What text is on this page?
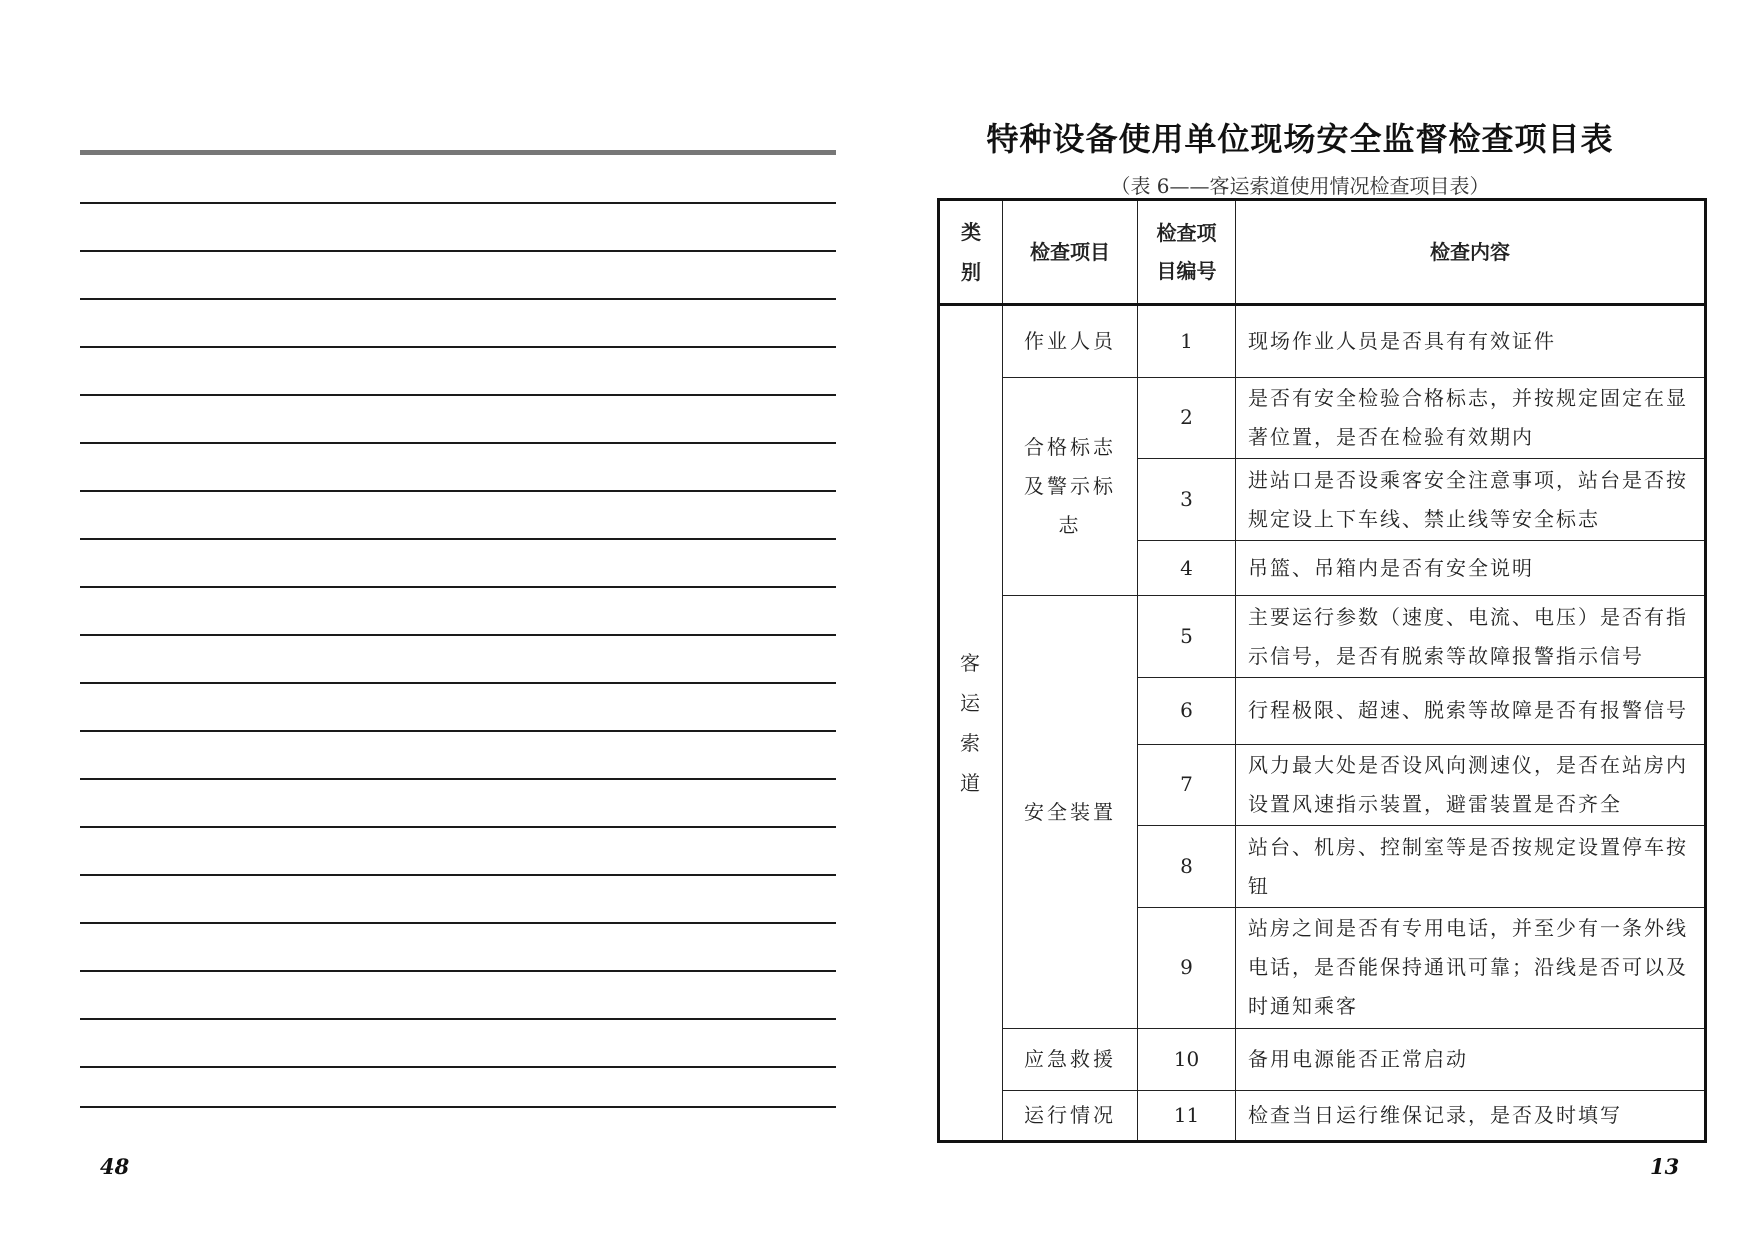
48
特种设备使用单位现场安全监督检查项目表
（表 6——客运索道使用情况检查项目表）
类别	检查项目	检查项目编号	检查内容
客运索道	作业人员	1	现场作业人员是否具有有效证件
	合格标志及警示标志	2	是否有安全检验合格标志，并按规定固定在显著位置，是否在检验有效期内
		3	进站口是否设乘客安全注意事项，站台是否按规定设上下车线、禁止线等安全标志
		4	吊篮、吊箱内是否有安全说明
	安全装置	5	主要运行参数（速度、电流、电压）是否有指示信号，是否有脱索等故障报警指示信号
		6	行程极限、超速、脱索等故障是否有报警信号
		7	风力最大处是否设风向测速仪，是否在站房内设置风速指示装置，避雷装置是否齐全
		8	站台、机房、控制室等是否按规定设置停车按钮
		9	站房之间是否有专用电话，并至少有一条外线电话，是否能保持通讯可靠；沿线是否可以及时通知乘客
	应急救援	10	备用电源能否正常启动
	运行情况	11	检查当日运行维保记录，是否及时填写
13
